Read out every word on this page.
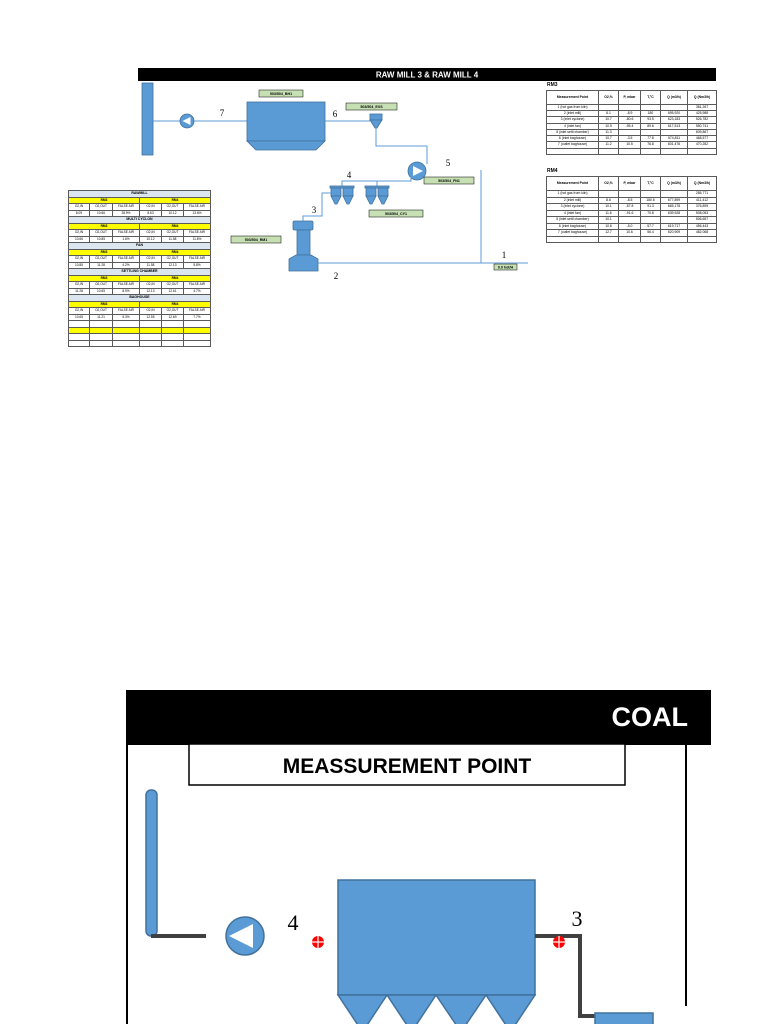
RAW MILL 3 & RAW MILL 4
7
503/504_BH1
6
503/504_EXS
5
503/504_FN1
4
503/504_CY1
3
503/504_RM1
2
1
0.0 hot/H
COAL
MEASSUREMENT POINT
4	3
RAWMILL					
RM3			RM4		
O2,IN	O2,OUT	FALSE AIR	O2,IN	O2,OUT	FALSE AIR
8.09	10.66	28.9%	8.63	10.12	13.6%
MULTI CYCLON					
RM3			RM4		
O2,IN	O2,OUT	FALSE AIR	O2,IN	O2,OUT	FALSE AIR
10.66	10.85	1.6%	10.12	11.58	11.6%
FAN					
RM3			RM4		
O2,IN	O2,OUT	FALSE AIR	O2,IN	O2,OUT	FALSE AIR
10.85	11.28	4.2%	11.58	12.13	5.8%
SETTLING CHAMBER					
RM3			RM4		
O2,IN	O2,OUT	FALSE AIR	O2,IN	O2,OUT	FALSE AIR
11.28	10.65	8.9%	12.13	12.61	4.7%
BAGHOUSE					
RM3			RM4		
O2,IN	O2,OUT	FALSE AIR	O2,IN	O2,OUT	FALSE AIR
10.65	11.21	5.3%	12.55	12.69	7.7%

RM3
Measurement Point	O2,%	P, mbar	T,°C	Q (m3/h)	Q (Nm3/h)
1 (hot gas from kiln)					381,267
2 (inlet mill)	8.1	-8.9	180	695,920	425,988
3 (inlet cyclone)	10.7	-80.6	93.5	623,183	526,782
4 (inlet fan)	10.9	-95.4	89.6	617,513	550,741
5 (inlet settl chamber)	11.3				609,867
6 (inlet baghouse)	10.7	-3.5	77.8	574,811	468,577
7 (outlet baghouse)	11.2	10.5	76.8	601,476	470,282

RM4
Measurement Point	O2,%	P, mbar	T,°C	Q (m3/h)	Q (Nm3/h)
1 (hot gas from kiln)					285,771
2 (inlet mill)	8.6	-8.5	180.6	677,899	411,412
3 (inlet cyclone)	10.1	-57.8	91.3	665,178	376,899
4 (inlet fan)	11.6	-91.6	70.8	639,928	508,053
5 (inlet settl chamber)	10.1				506,657
6 (inlet baghouse)	10.6	-5.0	57.7	619,717	456,443
7 (outlet baghouse)	12.7	10.6	56.4	620,909	482,068
